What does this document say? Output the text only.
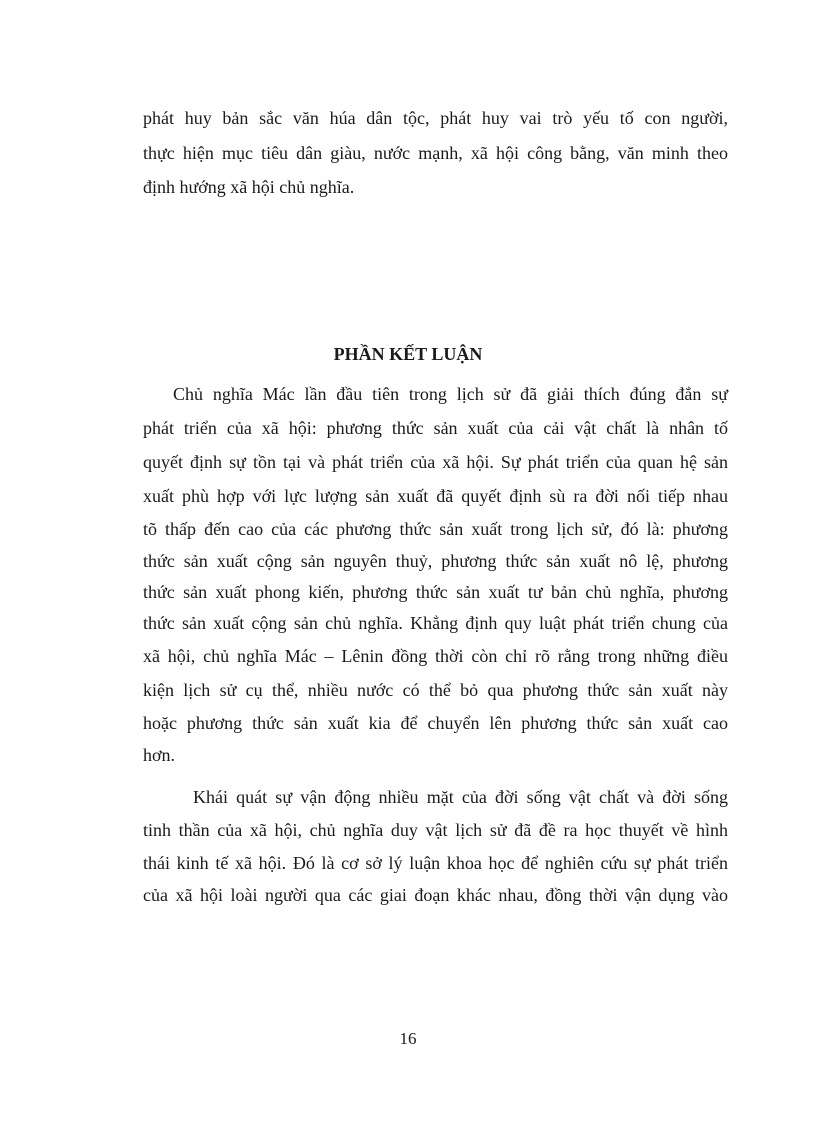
phát huy bản sắc văn húa dân tộc, phát huy vai trò yếu tố con người,
thực hiện mục tiêu dân giàu, nước mạnh, xã hội công bằng, văn minh theo
định hướng xã hội chủ nghĩa.
PHẦN KẾT LUẬN
Chủ nghĩa Mác lần đầu tiên trong lịch sử đã giải thích đúng đắn sự
phát triển của xã hội: phương thức sản xuất của cải vật chất là nhân tố
quyết định sự tồn tại và phát triển của xã hội. Sự phát triển của quan hệ sản
xuất phù hợp với lực lượng sản xuất đã quyết định sù ra đời nối tiếp nhau
tõ thấp đến cao của các phương thức sản xuất trong lịch sử, đó là: phương
thức sản xuất cộng sản nguyên thuỷ, phương thức sản xuất nô lệ, phương
thức sản xuất phong kiến, phương thức sản xuất tư bản chủ nghĩa, phương
thức sản xuất cộng sản chủ nghĩa. Khẳng định quy luật phát triển chung của
xã hội, chủ nghĩa Mác – Lênin đồng thời còn chỉ rõ rằng trong những điều
kiện lịch sử cụ thể, nhiều nước có thể bỏ qua phương thức sản xuất này
hoặc phương thức sản xuất kia để chuyển lên phương thức sản xuất cao
hơn.
Khái quát sự vận động nhiều mặt của đời sống vật chất và đời sống
tinh thần của xã hội, chủ nghĩa duy vật lịch sử đã đề ra học thuyết về hình
thái kinh tế xã hội. Đó là cơ sở lý luận khoa học để nghiên cứu sự phát triển
của xã hội loài người qua các giai đoạn khác nhau, đồng thời vận dụng vào
16
